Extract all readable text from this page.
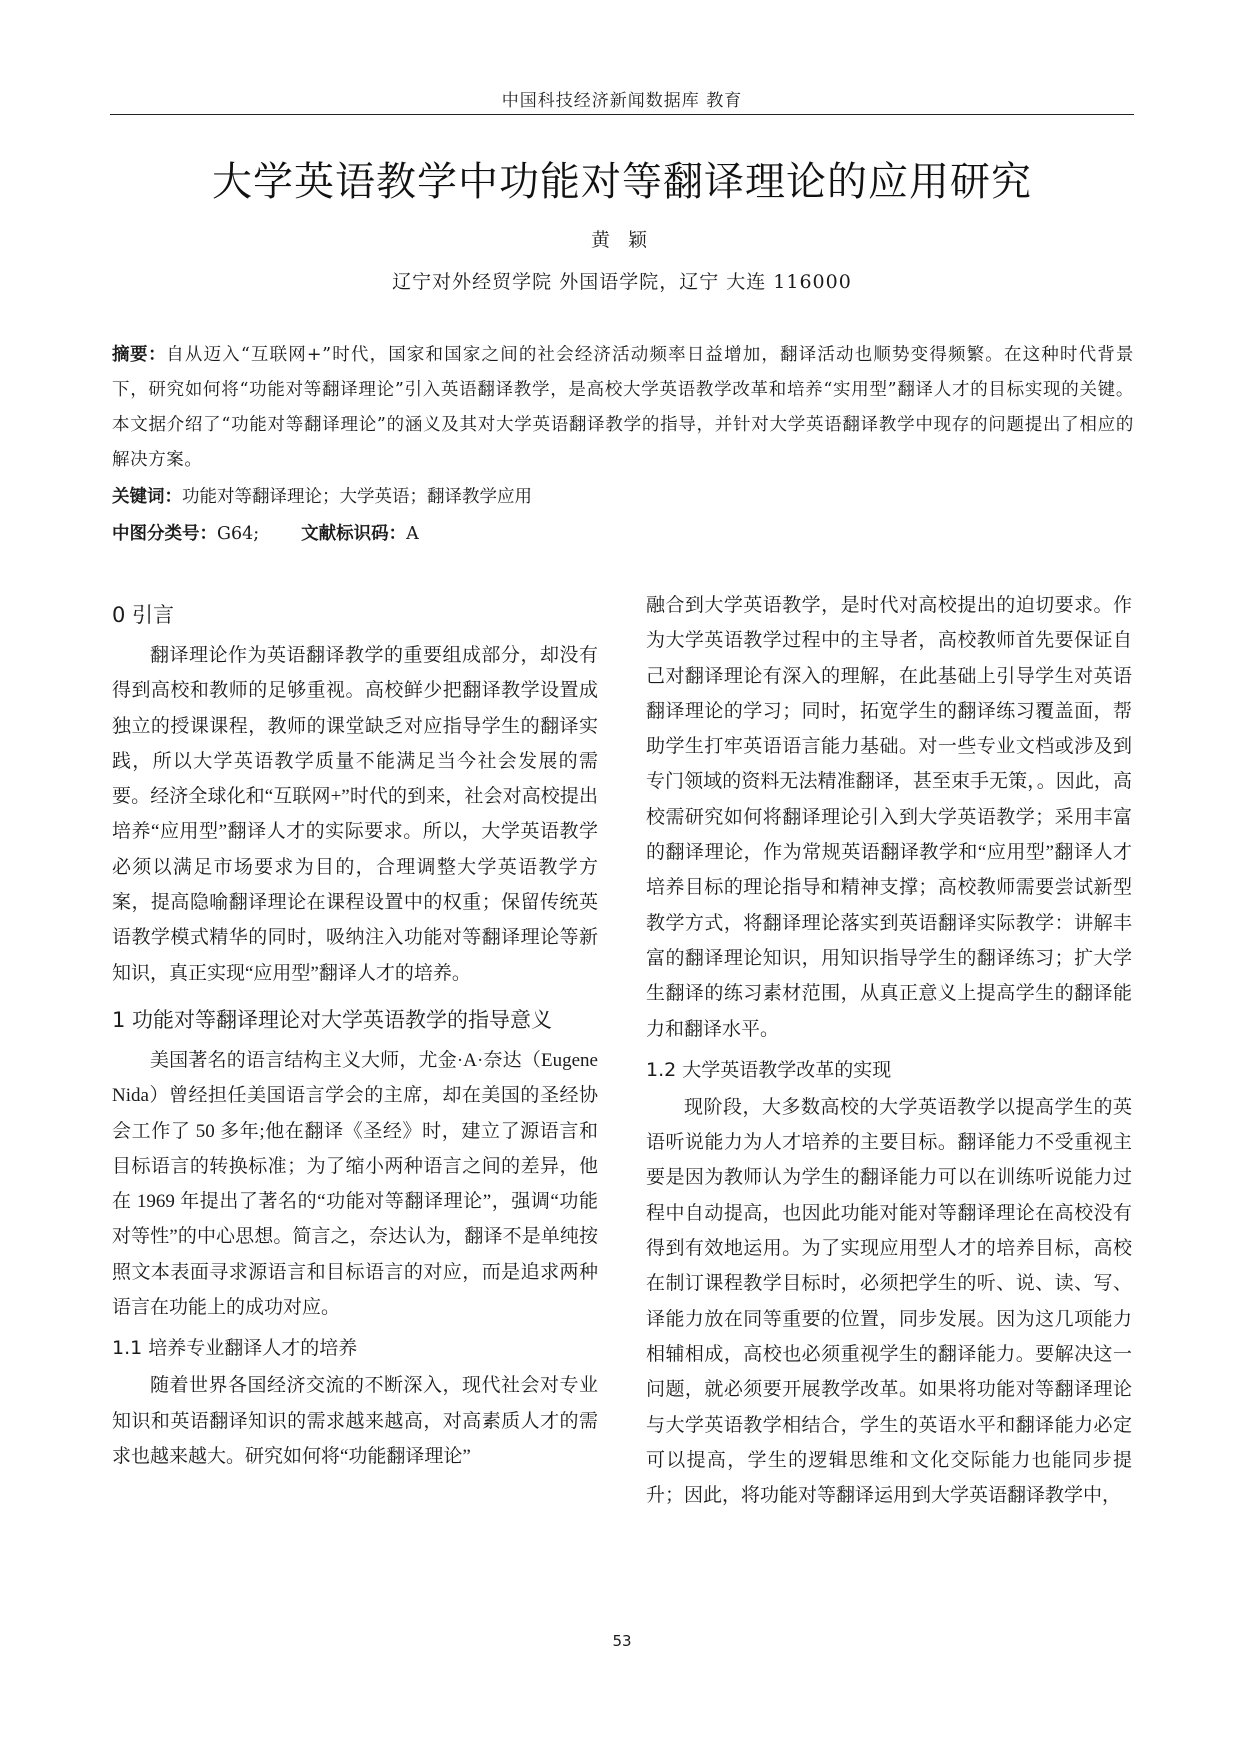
中国科技经济新闻数据库 教育
大学英语教学中功能对等翻译理论的应用研究
黄 颖
辽宁对外经贸学院 外国语学院，辽宁 大连 116000
摘要：自从迈入“互联网+”时代，国家和国家之间的社会经济活动频率日益增加，翻译活动也顺势变得频繁。在这种时代背景下，研究如何将“功能对等翻译理论”引入英语翻译教学，是高校大学英语教学改革和培养“实用型”翻译人才的目标实现的关键。 本文据介绍了“功能对等翻译理论”的涵义及其对大学英语翻译教学的指导，并针对大学英语翻译教学中现存的问题提出了相应的解决方案。
关键词：功能对等翻译理论；大学英语；翻译教学应用
中图分类号：G64; 文献标识码：A
0 引言

翻译理论作为英语翻译教学的重要组成部分，却没有得到高校和教师的足够重视。高校鲜少把翻译教学设置成独立的授课课程，教师的课堂缺乏对应指导学生的翻译实践，所以大学英语教学质量不能满足当今社会发展的需要。经济全球化和“互联网+”时代的到来，社会对高校提出培养“应用型”翻译人才的实际要求。所以，大学英语教学必须以满足市场要求为目的，合理调整大学英语教学方案，提高隐喻翻译理论在课程设置中的权重；保留传统英语教学模式精华的同时，吸纳注入功能对等翻译理论等新知识，真正实现“应用型”翻译人才的培养。

1 功能对等翻译理论对大学英语教学的指导意义

美国著名的语言结构主义大师，尤金·A·奈达（Eugene Nida）曾经担任美国语言学会的主席，却在美国的圣经协会工作了 50 多年;他在翻译《圣经》时，建立了源语言和目标语言的转换标准；为了缩小两种语言之间的差异，他在 1969 年提出了著名的“功能对等翻译理论”，强调“功能对等性”的中心思想。简言之，奈达认为，翻译不是单纯按照文本表面寻求源语言和目标语言的对应，而是追求两种语言在功能上的成功对应。

1.1 培养专业翻译人才的培养

随着世界各国经济交流的不断深入，现代社会对专业知识和英语翻译知识的需求越来越高，对高素质人才的需求也越来越大。研究如何将“功能翻译理论”

融合到大学英语教学，是时代对高校提出的迫切要求。作为大学英语教学过程中的主导者，高校教师首先要保证自己对翻译理论有深入的理解，在此基础上引导学生对英语翻译理论的学习；同时，拓宽学生的翻译练习覆盖面，帮助学生打牢英语语言能力基础。对一些专业文档或涉及到专门领域的资料无法精准翻译，甚至束手无策，。因此，高校需研究如何将翻译理论引入到大学英语教学；采用丰富的翻译理论，作为常规英语翻译教学和“应用型”翻译人才培养目标的理论指导和精神支撑；高校教师需要尝试新型教学方式，将翻译理论落实到英语翻译实际教学：讲解丰富的翻译理论知识，用知识指导学生的翻译练习；扩大学生翻译的练习素材范围，从真正意义上提高学生的翻译能力和翻译水平。

1.2 大学英语教学改革的实现

现阶段，大多数高校的大学英语教学以提高学生的英语听说能力为人才培养的主要目标。翻译能力不受重视主要是因为教师认为学生的翻译能力可以在训练听说能力过程中自动提高，也因此功能对能对等翻译理论在高校没有得到有效地运用。为了实现应用型人才的培养目标，高校在制订课程教学目标时，必须把学生的听、说、读、写、译能力放在同等重要的位置，同步发展。因为这几项能力相辅相成，高校也必须重视学生的翻译能力。要解决这一问题，就必须要开展教学改革。如果将功能对等翻译理论与大学英语教学相结合，学生的英语水平和翻译能力必定可以提高，学生的逻辑思维和文化交际能力也能同步提升；因此，将功能对等翻译运用到大学英语翻译教学中，

53
